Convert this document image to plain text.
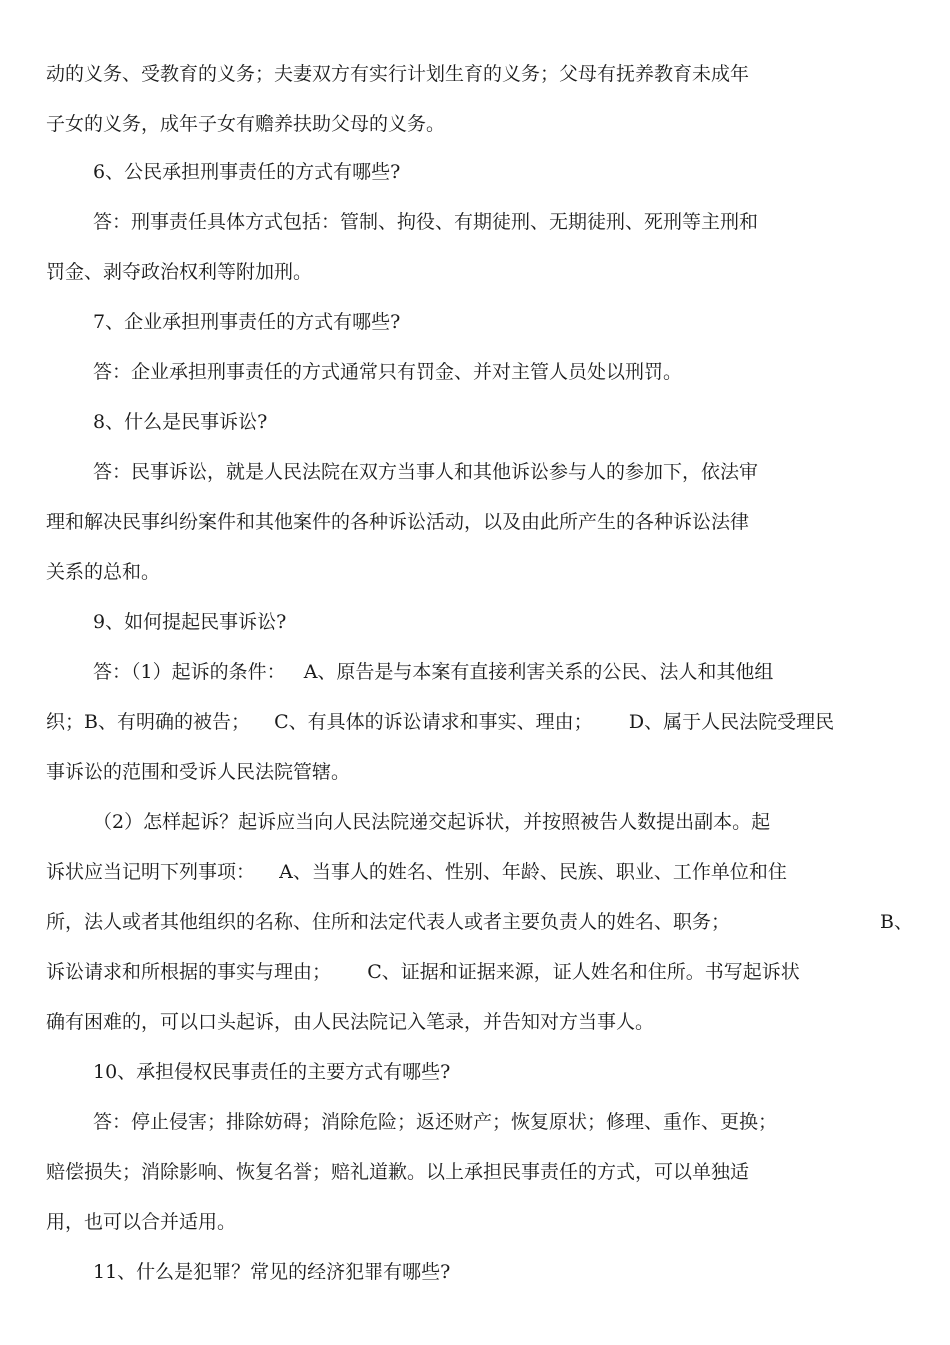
动的义务、受教育的义务；夫妻双方有实行计划生育的义务；父母有抚养教育未成年
子女的义务，成年子女有赡养扶助父母的义务。
6、公民承担刑事责任的方式有哪些?
答：刑事责任具体方式包括：管制、拘役、有期徒刑、无期徒刑、死刑等主刑和
罚金、剥夺政治权利等附加刑。
7、企业承担刑事责任的方式有哪些?
答：企业承担刑事责任的方式通常只有罚金、并对主管人员处以刑罚。
8、什么是民事诉讼?
答：民事诉讼，就是人民法院在双方当事人和其他诉讼参与人的参加下，依法审
理和解决民事纠纷案件和其他案件的各种诉讼活动，以及由此所产生的各种诉讼法律
关系的总和。
9、如何提起民事诉讼?
答：（1）起诉的条件：   A、原告是与本案有直接利害关系的公民、法人和其他组
织；B、有明确的被告；    C、有具体的诉讼请求和事实、理由；      D、属于人民法院受理民
事诉讼的范围和受诉人民法院管辖。
（2）怎样起诉？起诉应当向人民法院递交起诉状，并按照被告人数提出副本。起
诉状应当记明下列事项：    A、当事人的姓名、性别、年龄、民族、职业、工作单位和住
所，法人或者其他组织的名称、住所和法定代表人或者主要负责人的姓名、职务；	B、
诉讼请求和所根据的事实与理由；      C、证据和证据来源，证人姓名和住所。书写起诉状
确有困难的，可以口头起诉，由人民法院记入笔录，并告知对方当事人。
10、承担侵权民事责任的主要方式有哪些?
答：停止侵害；排除妨碍；消除危险；返还财产；恢复原状；修理、重作、更换；
赔偿损失；消除影响、恢复名誉；赔礼道歉。以上承担民事责任的方式，可以单独适
用，也可以合并适用。
11、什么是犯罪？常见的经济犯罪有哪些?
